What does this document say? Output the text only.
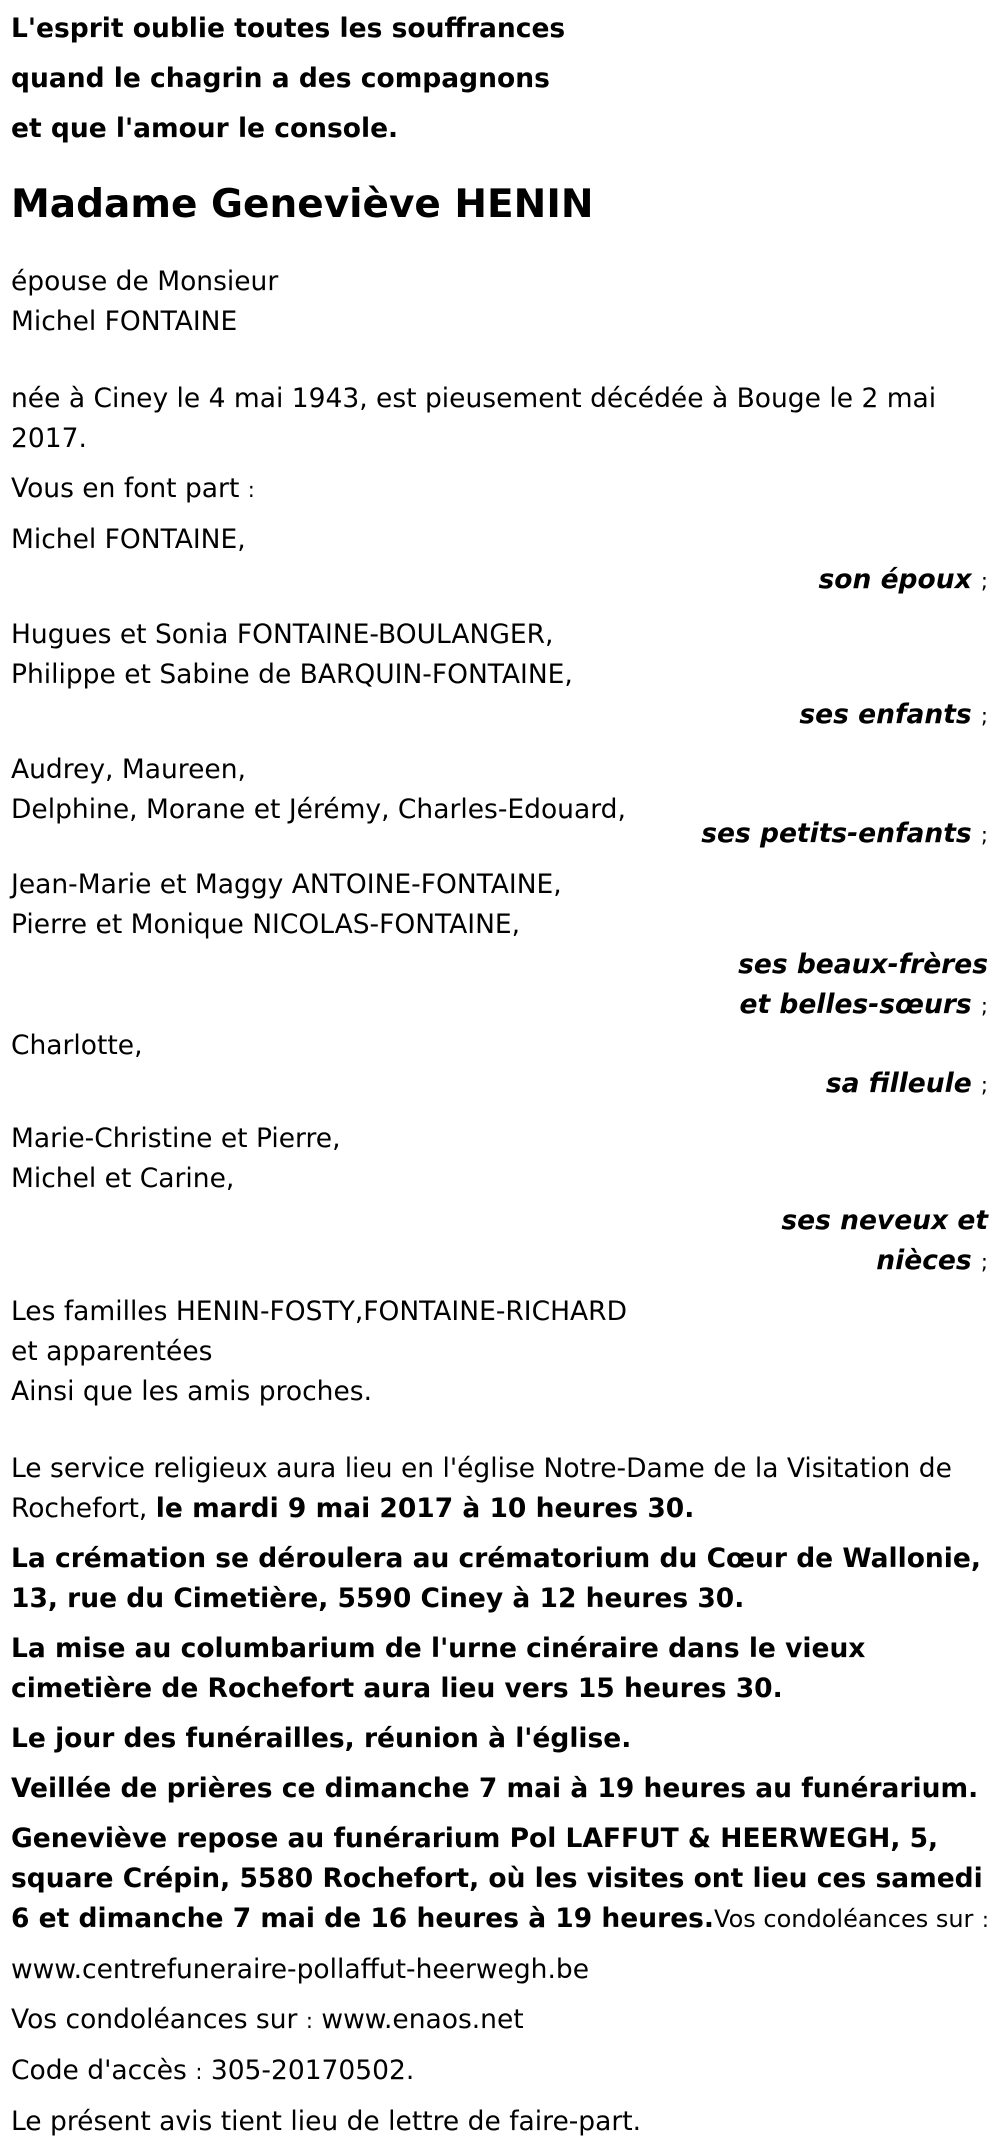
L'esprit oublie toutes les souffrances

quand le chagrin a des compagnons

et que l'amour le console.

Madame Geneviève HENIN

épouse de Monsieur

Michel FONTAINE

née à Ciney le 4 mai 1943, est pieusement décédée à Bouge le 2 mai 2017.

Vous en font part :

Michel FONTAINE,

son époux ;

Hugues et Sonia FONTAINE-BOULANGER,

Philippe et Sabine de BARQUIN-FONTAINE,

ses enfants ;

Audrey, Maureen,

Delphine, Morane et Jérémy, Charles-Edouard,

ses petits-enfants ;

Jean-Marie et Maggy ANTOINE-FONTAINE,

Pierre et Monique NICOLAS-FONTAINE,

ses beaux-frères

et belles-sœurs ;

Charlotte,

sa filleule ;

Marie-Christine et Pierre,

Michel et Carine,

ses neveux et

nièces ;

Les familles HENIN-FOSTY,FONTAINE-RICHARD

et apparentées

Ainsi que les amis proches.

Le service religieux aura lieu en l'église Notre-Dame de la Visitation de Rochefort, le mardi 9 mai 2017 à 10 heures 30.

La crémation se déroulera au crématorium du Cœur de Wallonie, 13, rue du Cimetière, 5590 Ciney à 12 heures 30.

La mise au columbarium de l'urne cinéraire dans le vieux cimetière de Rochefort aura lieu vers 15 heures 30.

Le jour des funérailles, réunion à l'église.

Veillée de prières ce dimanche 7 mai à 19 heures au funérarium.

Geneviève repose au funérarium Pol LAFFUT & HEERWEGH, 5, square Crépin, 5580 Rochefort, où les visites ont lieu ces samedi 6 et dimanche 7 mai de 16 heures à 19 heures.Vos condoléances sur :

www.centrefuneraire-pollaffut-heerwegh.be

Vos condoléances sur : www.enaos.net

Code d'accès : 305-20170502.

Le présent avis tient lieu de lettre de faire-part.
